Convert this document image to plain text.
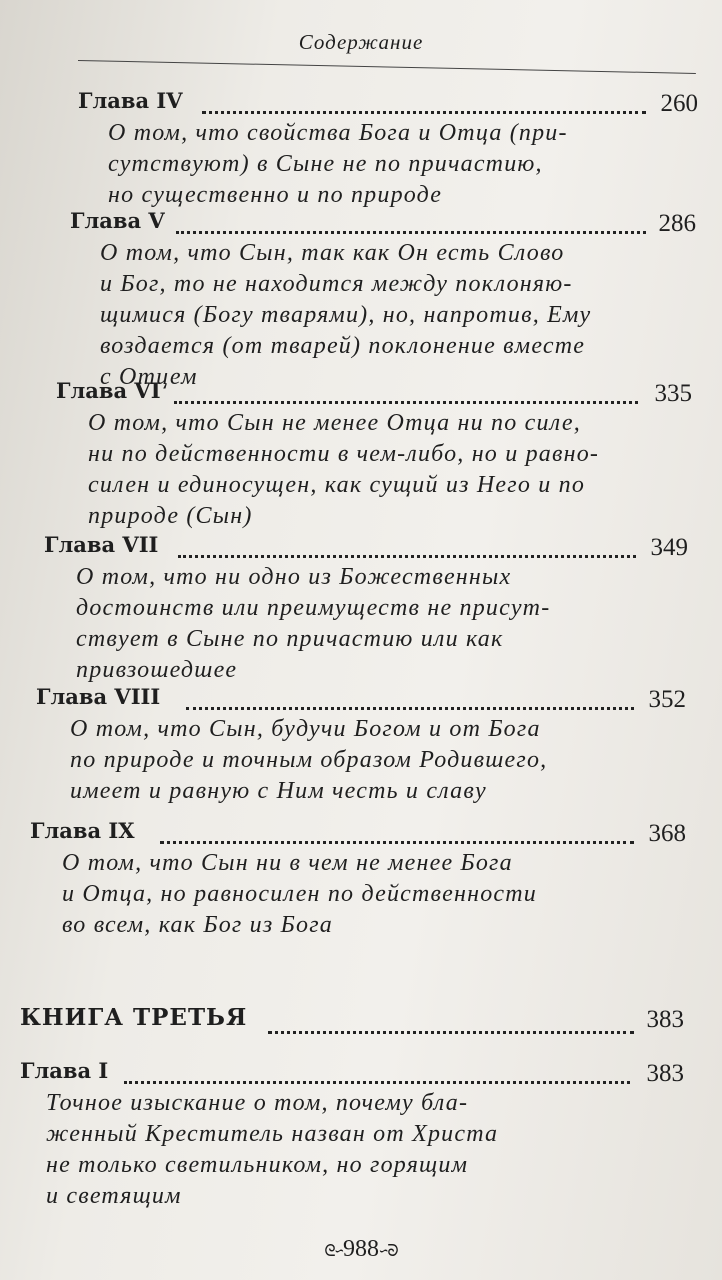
Содержание
Глава IV	260
О том, что свойства Бога и Отца (при-
сутствуют) в Сыне не по причастию,
но существенно и по природе
Глава V	286
О том, что Сын, так как Он есть Слово
и Бог, то не находится между поклоняю-
щимися (Богу тварями), но, напротив, Ему
воздается (от тварей) поклонение вместе
с Отцем
Глава VI	335
О том, что Сын не менее Отца ни по силе,
ни по действенности в чем-либо, но и равно-
силен и единосущен, как сущий из Него и по
природе (Сын)
Глава VII	349
О том, что ни одно из Божественных
достоинств или преимуществ не присут-
ствует в Сыне по причастию или как
привзошедшее
Глава VIII	352
О том, что Сын, будучи Богом и от Бога
по природе и точным образом Родившего,
имеет и равную с Ним честь и славу
Глава IX	368
О том, что Сын ни в чем не менее Бога
и Отца, но равносилен по действенности
во всем, как Бог из Бога
КНИГА ТРЕТЬЯ	383
Глава I	383
Точное изыскание о том, почему бла-
женный Креститель назван от Христа
не только светильником, но горящим
и светящим
ᘓ∽988∽ᘐ
